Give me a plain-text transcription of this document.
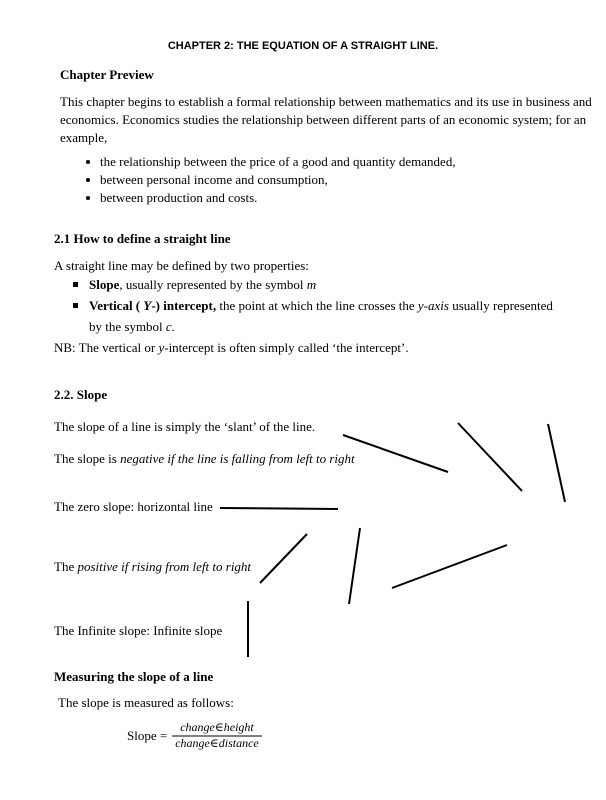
CHAPTER 2: THE EQUATION OF A STRAIGHT LINE.
Chapter Preview
This chapter begins to establish a formal relationship between mathematics and its use in business and
economics. Economics studies the relationship between different parts of an economic system; for an
example,
the relationship between the price of a good and quantity demanded,
between personal income and consumption,
between production and costs.
2.1 How to define a straight line
A straight line may be defined by two properties:
Slope, usually represented by the symbol m
Vertical ( Y-) intercept, the point at which the line crosses the y-axis usually represented
by the symbol c.
NB: The vertical or y-intercept is often simply called ‘the intercept’.
2.2. Slope
The slope of a line is simply the ‘slant’ of the line.
The slope is negative if the line is falling from left to right
The zero slope: horizontal line
The positive if rising from left to right
The Infinite slope: Infinite slope
Measuring the slope of a line
The slope is measured as follows:
Slope =
change∈height
change∈distance
